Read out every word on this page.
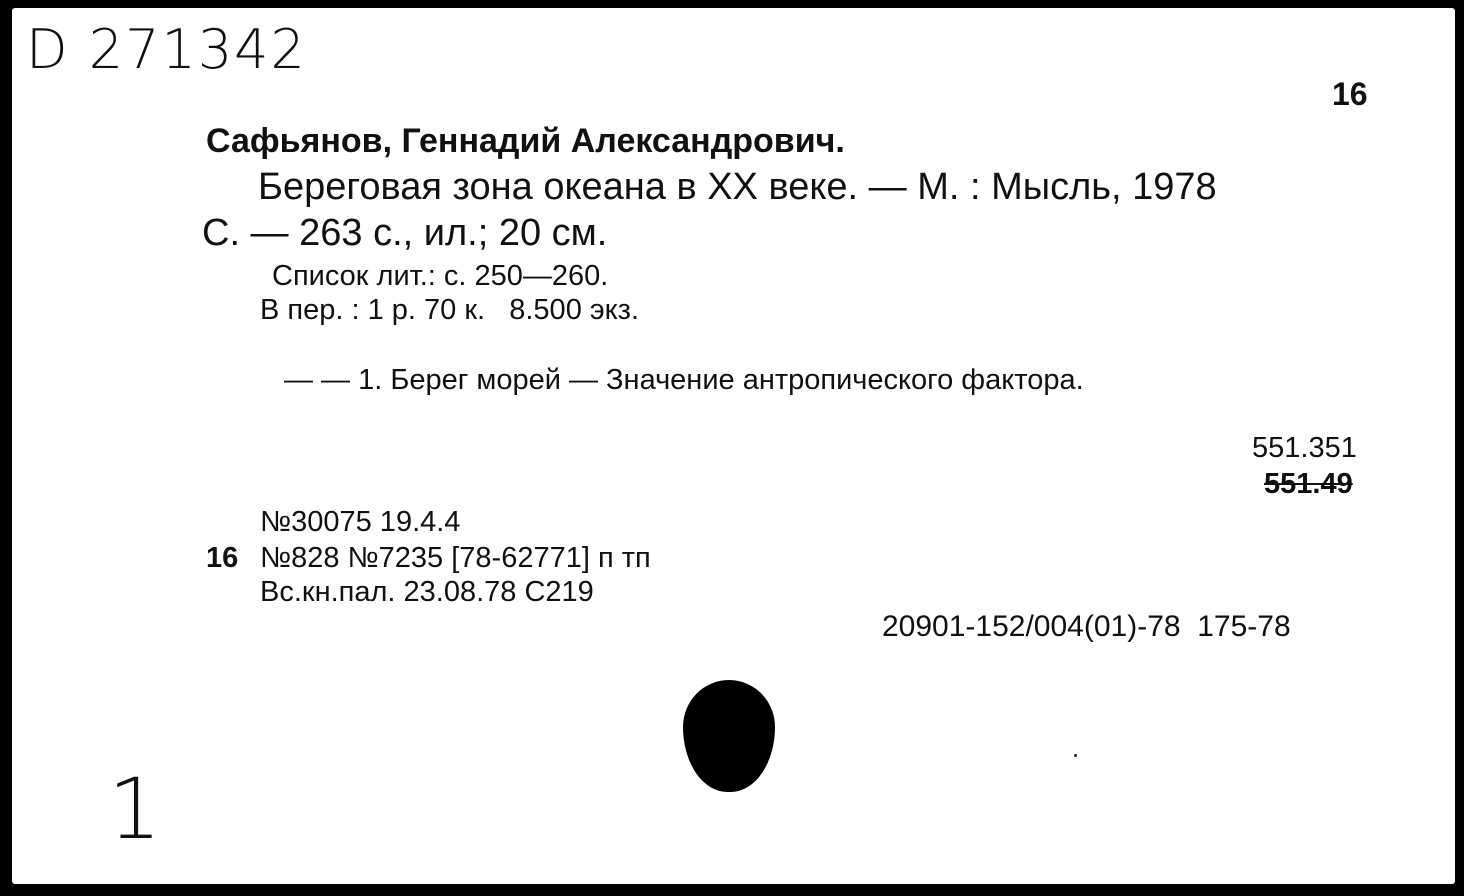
D 271342
16
Сафьянов, Геннадий Александрович.
Береговая зона океана в XX веке. — М. : Мысль, 1978
С. — 263 с., ил.; 20 см.
Список лит.: с. 250—260.
В пер. : 1 р. 70 к.   8.500 экз.
— — 1. Берег морей — Значение антропического фактора.
551.351
551.49
№30075 19.4.4
16 №828 №7235 [78-62771] п тп
Вс.кн.пал. 23.08.78 С219
20901-152/004(01)-78  175-78
1
